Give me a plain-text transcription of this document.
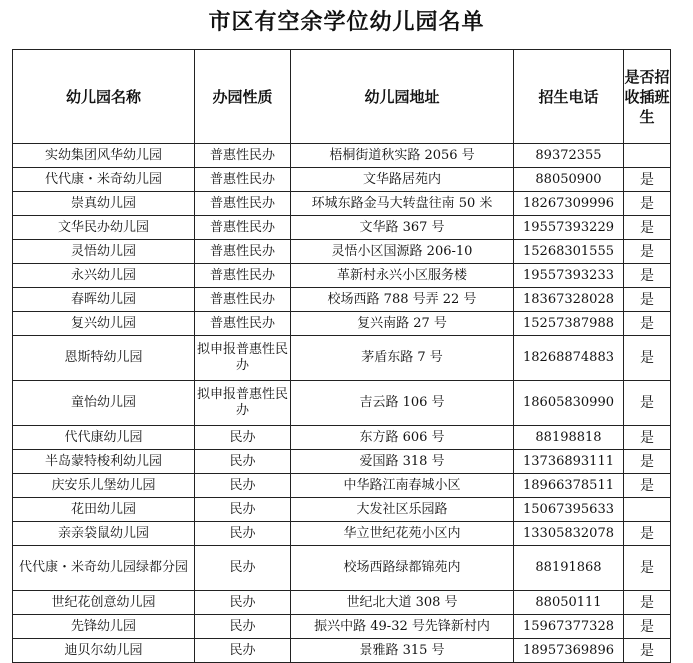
市区有空余学位幼儿园名单
幼儿园名称	办园性质	幼儿园地址	招生电话	是否招收插班生
实幼集团风华幼儿园	普惠性民办	梧桐街道秋实路 2056 号	89372355	
代代康・米奇幼儿园	普惠性民办	文华路居苑内	88050900	是
崇真幼儿园	普惠性民办	环城东路金马大转盘往南 50 米	18267309996	是
文华民办幼儿园	普惠性民办	文华路 367 号	19557393229	是
灵悟幼儿园	普惠性民办	灵悟小区国源路 206-10	15268301555	是
永兴幼儿园	普惠性民办	革新村永兴小区服务楼	19557393233	是
春晖幼儿园	普惠性民办	校场西路 788 号弄 22 号	18367328028	是
复兴幼儿园	普惠性民办	复兴南路 27 号	15257387988	是
恩斯特幼儿园	拟申报普惠性民办	茅盾东路 7 号	18268874883	是
童怡幼儿园	拟申报普惠性民办	吉云路 106 号	18605830990	是
代代康幼儿园	民办	东方路 606 号	88198818	是
半岛蒙特梭利幼儿园	民办	爱国路 318 号	13736893111	是
庆安乐儿堡幼儿园	民办	中华路江南春城小区	18966378511	是
花田幼儿园	民办	大发社区乐园路	15067395633	
亲亲袋鼠幼儿园	民办	华立世纪花苑小区内	13305832078	是
代代康・米奇幼儿园绿都分园	民办	校场西路绿都锦苑内	88191868	是
世纪花创意幼儿园	民办	世纪北大道 308 号	88050111	是
先锋幼儿园	民办	振兴中路 49-32 号先锋新村内	15967377328	是
迪贝尔幼儿园	民办	景雅路 315 号	18957369896	是
